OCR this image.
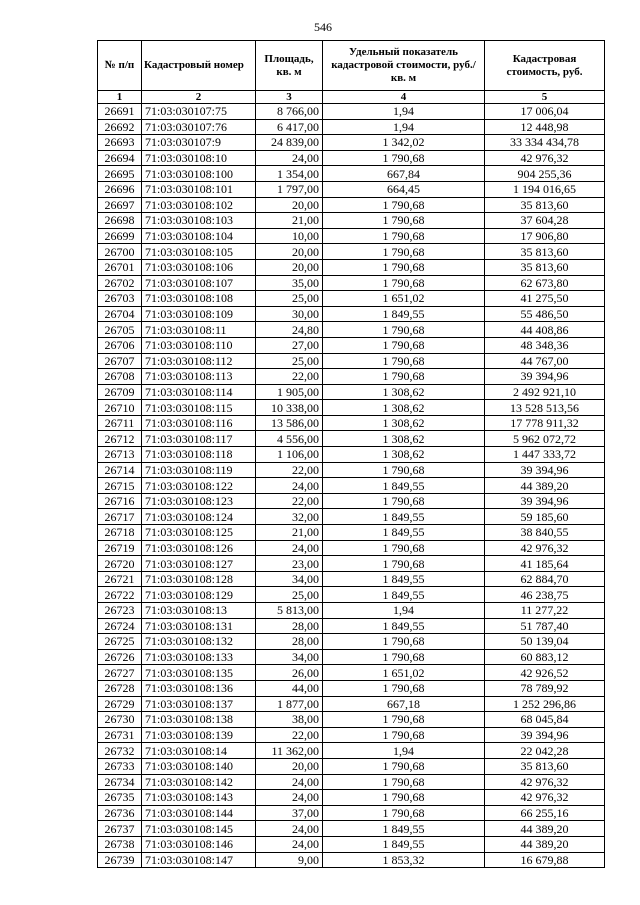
546
№ п/п	Кадастровый номер	Площадь, кв. м	Удельный показатель кадастровой стоимости, руб./кв. м	Кадастровая стоимость, руб.
1	2	3	4	5
26691	71:03:030107:75	8 766,00	1,94	17 006,04
26692	71:03:030107:76	6 417,00	1,94	12 448,98
26693	71:03:030107:9	24 839,00	1 342,02	33 334 434,78
26694	71:03:030108:10	24,00	1 790,68	42 976,32
26695	71:03:030108:100	1 354,00	667,84	904 255,36
26696	71:03:030108:101	1 797,00	664,45	1 194 016,65
26697	71:03:030108:102	20,00	1 790,68	35 813,60
26698	71:03:030108:103	21,00	1 790,68	37 604,28
26699	71:03:030108:104	10,00	1 790,68	17 906,80
26700	71:03:030108:105	20,00	1 790,68	35 813,60
26701	71:03:030108:106	20,00	1 790,68	35 813,60
26702	71:03:030108:107	35,00	1 790,68	62 673,80
26703	71:03:030108:108	25,00	1 651,02	41 275,50
26704	71:03:030108:109	30,00	1 849,55	55 486,50
26705	71:03:030108:11	24,80	1 790,68	44 408,86
26706	71:03:030108:110	27,00	1 790,68	48 348,36
26707	71:03:030108:112	25,00	1 790,68	44 767,00
26708	71:03:030108:113	22,00	1 790,68	39 394,96
26709	71:03:030108:114	1 905,00	1 308,62	2 492 921,10
26710	71:03:030108:115	10 338,00	1 308,62	13 528 513,56
26711	71:03:030108:116	13 586,00	1 308,62	17 778 911,32
26712	71:03:030108:117	4 556,00	1 308,62	5 962 072,72
26713	71:03:030108:118	1 106,00	1 308,62	1 447 333,72
26714	71:03:030108:119	22,00	1 790,68	39 394,96
26715	71:03:030108:122	24,00	1 849,55	44 389,20
26716	71:03:030108:123	22,00	1 790,68	39 394,96
26717	71:03:030108:124	32,00	1 849,55	59 185,60
26718	71:03:030108:125	21,00	1 849,55	38 840,55
26719	71:03:030108:126	24,00	1 790,68	42 976,32
26720	71:03:030108:127	23,00	1 790,68	41 185,64
26721	71:03:030108:128	34,00	1 849,55	62 884,70
26722	71:03:030108:129	25,00	1 849,55	46 238,75
26723	71:03:030108:13	5 813,00	1,94	11 277,22
26724	71:03:030108:131	28,00	1 849,55	51 787,40
26725	71:03:030108:132	28,00	1 790,68	50 139,04
26726	71:03:030108:133	34,00	1 790,68	60 883,12
26727	71:03:030108:135	26,00	1 651,02	42 926,52
26728	71:03:030108:136	44,00	1 790,68	78 789,92
26729	71:03:030108:137	1 877,00	667,18	1 252 296,86
26730	71:03:030108:138	38,00	1 790,68	68 045,84
26731	71:03:030108:139	22,00	1 790,68	39 394,96
26732	71:03:030108:14	11 362,00	1,94	22 042,28
26733	71:03:030108:140	20,00	1 790,68	35 813,60
26734	71:03:030108:142	24,00	1 790,68	42 976,32
26735	71:03:030108:143	24,00	1 790,68	42 976,32
26736	71:03:030108:144	37,00	1 790,68	66 255,16
26737	71:03:030108:145	24,00	1 849,55	44 389,20
26738	71:03:030108:146	24,00	1 849,55	44 389,20
26739	71:03:030108:147	9,00	1 853,32	16 679,88
